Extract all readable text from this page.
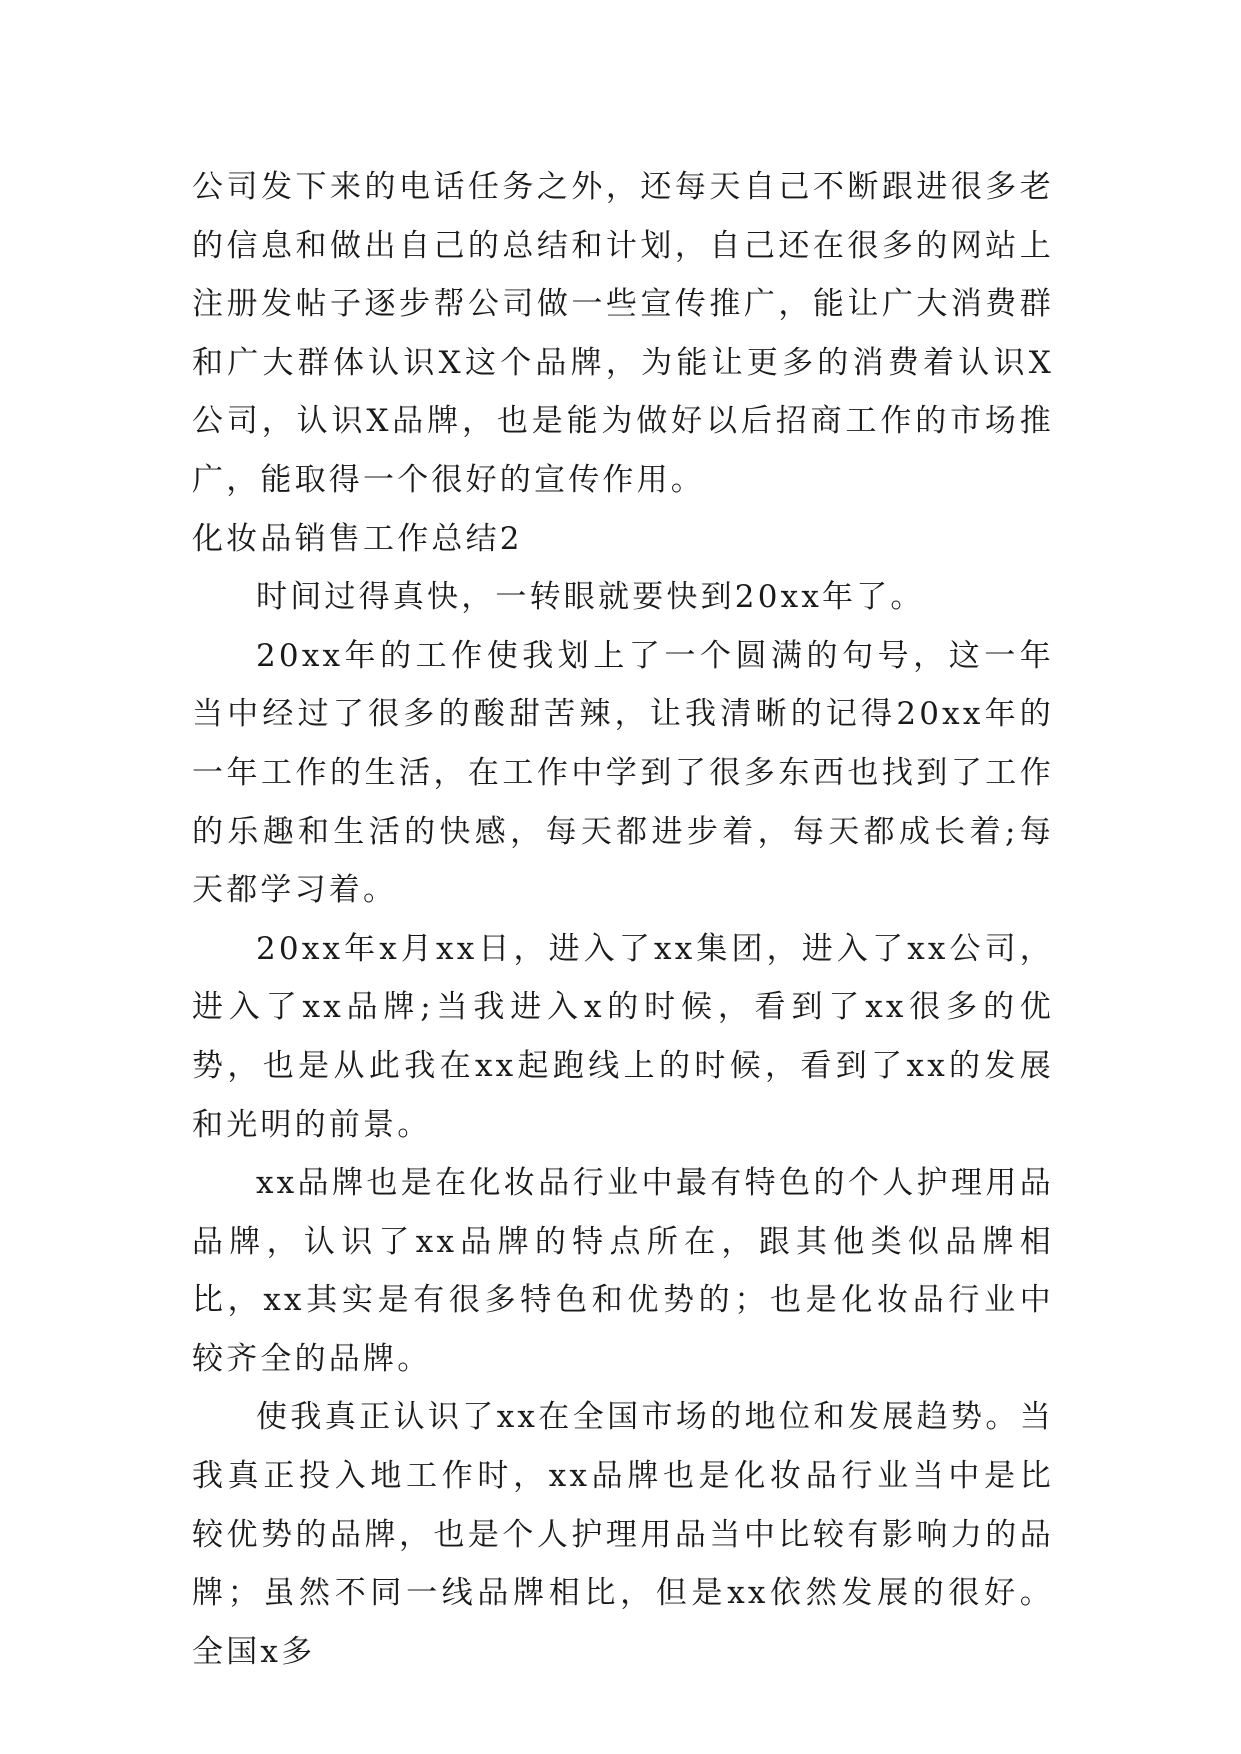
公司发下来的电话任务之外，还每天自己不断跟进很多老的信息和做出自己的总结和计划，自己还在很多的网站上注册发帖子逐步帮公司做一些宣传推广，能让广大消费群和广大群体认识X这个品牌，为能让更多的消费着认识X公司，认识X品牌，也是能为做好以后招商工作的市场推广，能取得一个很好的宣传作用。

化妆品销售工作总结2

时间过得真快，一转眼就要快到20xx年了。

20xx年的工作使我划上了一个圆满的句号，这一年当中经过了很多的酸甜苦辣，让我清晰的记得20xx年的一年工作的生活，在工作中学到了很多东西也找到了工作的乐趣和生活的快感，每天都进步着，每天都成长着;每天都学习着。

20xx年x月xx日，进入了xx集团，进入了xx公司，进入了xx品牌;当我进入x的时候，看到了xx很多的优势，也是从此我在xx起跑线上的时候，看到了xx的发展和光明的前景。

xx品牌也是在化妆品行业中最有特色的个人护理用品品牌，认识了xx品牌的特点所在，跟其他类似品牌相比，xx其实是有很多特色和优势的；也是化妆品行业中较齐全的品牌。

使我真正认识了xx在全国市场的地位和发展趋势。当我真正投入地工作时，xx品牌也是化妆品行业当中是比较优势的品牌，也是个人护理用品当中比较有影响力的品牌；虽然不同一线品牌相比，但是xx依然发展的很好。全国x多
